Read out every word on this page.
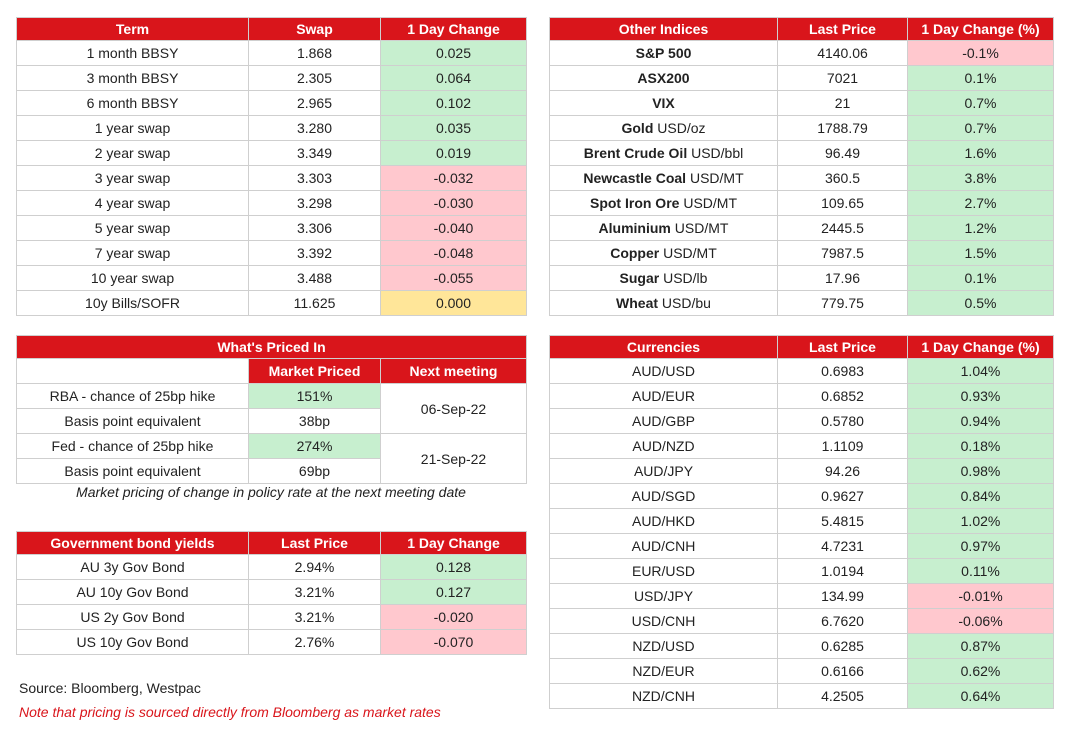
Term	Swap	1 Day Change
1 month BBSY	1.868	0.025
3 month BBSY	2.305	0.064
6 month BBSY	2.965	0.102
1 year swap	3.280	0.035
2 year swap	3.349	0.019
3 year swap	3.303	-0.032
4 year swap	3.298	-0.030
5 year swap	3.306	-0.040
7 year swap	3.392	-0.048
10 year swap	3.488	-0.055
10y Bills/SOFR	11.625	0.000
Other Indices	Last Price	1 Day Change (%)
S&P 500	4140.06	-0.1%
ASX200	7021	0.1%
VIX	21	0.7%
Gold USD/oz	1788.79	0.7%
Brent Crude Oil USD/bbl	96.49	1.6%
Newcastle Coal USD/MT	360.5	3.8%
Spot Iron Ore USD/MT	109.65	2.7%
Aluminium USD/MT	2445.5	1.2%
Copper USD/MT	7987.5	1.5%
Sugar USD/lb	17.96	0.1%
Wheat USD/bu	779.75	0.5%
What's Priced In		
	Market Priced	Next meeting
RBA - chance of 25bp hike	151%	06-Sep-22
Basis point equivalent	38bp	
Fed - chance of 25bp hike	274%	21-Sep-22
Basis point equivalent	69bp	
Market pricing of change in policy rate at the next meeting date
Government bond yields	Last Price	1 Day Change
AU 3y Gov Bond	2.94%	0.128
AU 10y Gov Bond	3.21%	0.127
US 2y Gov Bond	3.21%	-0.020
US 10y Gov Bond	2.76%	-0.070
Currencies	Last Price	1 Day Change (%)
AUD/USD	0.6983	1.04%
AUD/EUR	0.6852	0.93%
AUD/GBP	0.5780	0.94%
AUD/NZD	1.1109	0.18%
AUD/JPY	94.26	0.98%
AUD/SGD	0.9627	0.84%
AUD/HKD	5.4815	1.02%
AUD/CNH	4.7231	0.97%
EUR/USD	1.0194	0.11%
USD/JPY	134.99	-0.01%
USD/CNH	6.7620	-0.06%
NZD/USD	0.6285	0.87%
NZD/EUR	0.6166	0.62%
NZD/CNH	4.2505	0.64%
Source: Bloomberg, Westpac
Note that pricing is sourced directly from Bloomberg as market rates
